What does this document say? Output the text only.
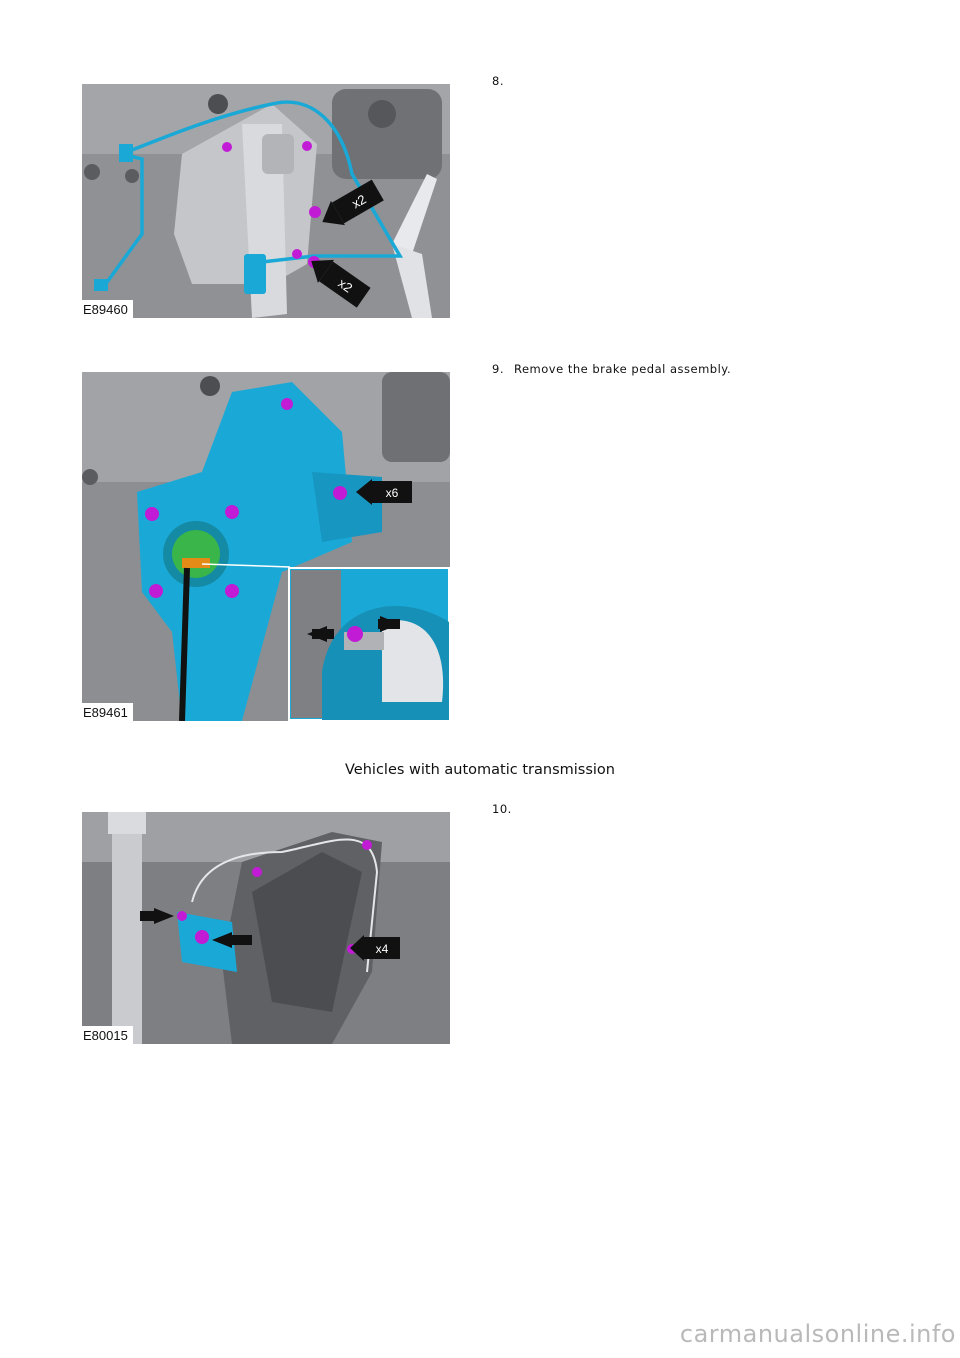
x2
x2
E89460
8.
x6
E89461
9. Remove the brake pedal assembly.
Vehicles with automatic transmission
x4
E80015
10.
carmanualsonline.info
